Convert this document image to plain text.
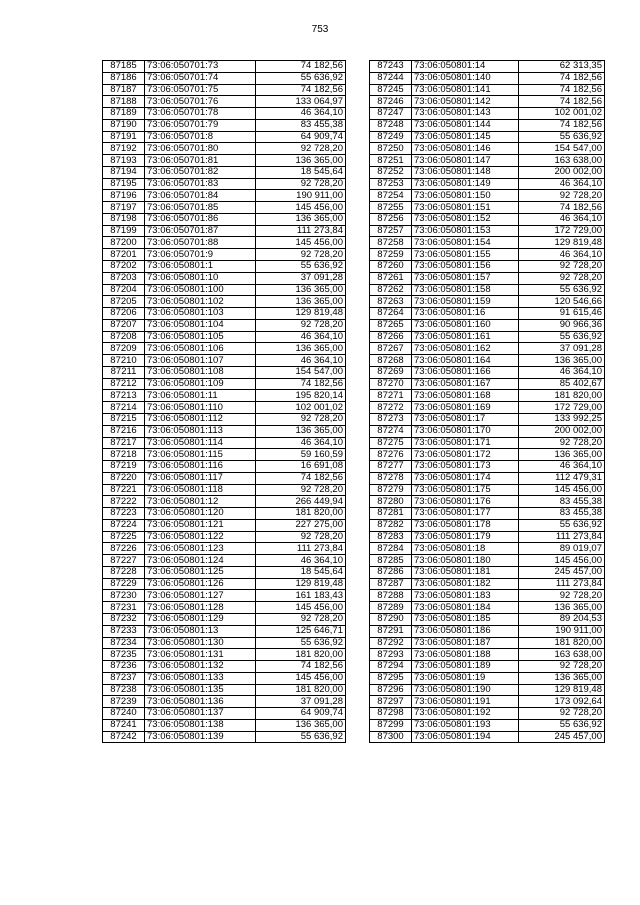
753
87185	73:06:050701:73	74 182,56
87186	73:06:050701:74	55 636,92
87187	73:06:050701:75	74 182,56
87188	73:06:050701:76	133 064,97
87189	73:06:050701:78	46 364,10
87190	73:06:050701:79	83 455,38
87191	73:06:050701:8	64 909,74
87192	73:06:050701:80	92 728,20
87193	73:06:050701:81	136 365,00
87194	73:06:050701:82	18 545,64
87195	73:06:050701:83	92 728,20
87196	73:06:050701:84	190 911,00
87197	73:06:050701:85	145 456,00
87198	73:06:050701:86	136 365,00
87199	73:06:050701:87	111 273,84
87200	73:06:050701:88	145 456,00
87201	73:06:050701:9	92 728,20
87202	73:06:050801:1	55 636,92
87203	73:06:050801:10	37 091,28
87204	73:06:050801:100	136 365,00
87205	73:06:050801:102	136 365,00
87206	73:06:050801:103	129 819,48
87207	73:06:050801:104	92 728,20
87208	73:06:050801:105	46 364,10
87209	73:06:050801:106	136 365,00
87210	73:06:050801:107	46 364,10
87211	73:06:050801:108	154 547,00
87212	73:06:050801:109	74 182,56
87213	73:06:050801:11	195 820,14
87214	73:06:050801:110	102 001,02
87215	73:06:050801:112	92 728,20
87216	73:06:050801:113	136 365,00
87217	73:06:050801:114	46 364,10
87218	73:06:050801:115	59 160,59
87219	73:06:050801:116	16 691,08
87220	73:06:050801:117	74 182,56
87221	73:06:050801:118	92 728,20
87222	73:06:050801:12	266 449,94
87223	73:06:050801:120	181 820,00
87224	73:06:050801:121	227 275,00
87225	73:06:050801:122	92 728,20
87226	73:06:050801:123	111 273,84
87227	73:06:050801:124	46 364,10
87228	73:06:050801:125	18 545,64
87229	73:06:050801:126	129 819,48
87230	73:06:050801:127	161 183,43
87231	73:06:050801:128	145 456,00
87232	73:06:050801:129	92 728,20
87233	73:06:050801:13	125 646,71
87234	73:06:050801:130	55 636,92
87235	73:06:050801:131	181 820,00
87236	73:06:050801:132	74 182,56
87237	73:06:050801:133	145 456,00
87238	73:06:050801:135	181 820,00
87239	73:06:050801:136	37 091,28
87240	73:06:050801:137	64 909,74
87241	73:06:050801:138	136 365,00
87242	73:06:050801:139	55 636,92
87243	73:06:050801:14	62 313,35
87244	73:06:050801:140	74 182,56
87245	73:06:050801:141	74 182,56
87246	73:06:050801:142	74 182,56
87247	73:06:050801:143	102 001,02
87248	73:06:050801:144	74 182,56
87249	73:06:050801:145	55 636,92
87250	73:06:050801:146	154 547,00
87251	73:06:050801:147	163 638,00
87252	73:06:050801:148	200 002,00
87253	73:06:050801:149	46 364,10
87254	73:06:050801:150	92 728,20
87255	73:06:050801:151	74 182,56
87256	73:06:050801:152	46 364,10
87257	73:06:050801:153	172 729,00
87258	73:06:050801:154	129 819,48
87259	73:06:050801:155	46 364,10
87260	73:06:050801:156	92 728,20
87261	73:06:050801:157	92 728,20
87262	73:06:050801:158	55 636,92
87263	73:06:050801:159	120 546,66
87264	73:06:050801:16	91 615,46
87265	73:06:050801:160	90 966,36
87266	73:06:050801:161	55 636,92
87267	73:06:050801:162	37 091,28
87268	73:06:050801:164	136 365,00
87269	73:06:050801:166	46 364,10
87270	73:06:050801:167	85 402,67
87271	73:06:050801:168	181 820,00
87272	73:06:050801:169	172 729,00
87273	73:06:050801:17	133 992,25
87274	73:06:050801:170	200 002,00
87275	73:06:050801:171	92 728,20
87276	73:06:050801:172	136 365,00
87277	73:06:050801:173	46 364,10
87278	73:06:050801:174	112 479,31
87279	73:06:050801:175	145 456,00
87280	73:06:050801:176	83 455,38
87281	73:06:050801:177	83 455,38
87282	73:06:050801:178	55 636,92
87283	73:06:050801:179	111 273,84
87284	73:06:050801:18	89 019,07
87285	73:06:050801:180	145 456,00
87286	73:06:050801:181	245 457,00
87287	73:06:050801:182	111 273,84
87288	73:06:050801:183	92 728,20
87289	73:06:050801:184	136 365,00
87290	73:06:050801:185	89 204,53
87291	73:06:050801:186	190 911,00
87292	73:06:050801:187	181 820,00
87293	73:06:050801:188	163 638,00
87294	73:06:050801:189	92 728,20
87295	73:06:050801:19	136 365,00
87296	73:06:050801:190	129 819,48
87297	73:06:050801:191	173 092,64
87298	73:06:050801:192	92 728,20
87299	73:06:050801:193	55 636,92
87300	73:06:050801:194	245 457,00
